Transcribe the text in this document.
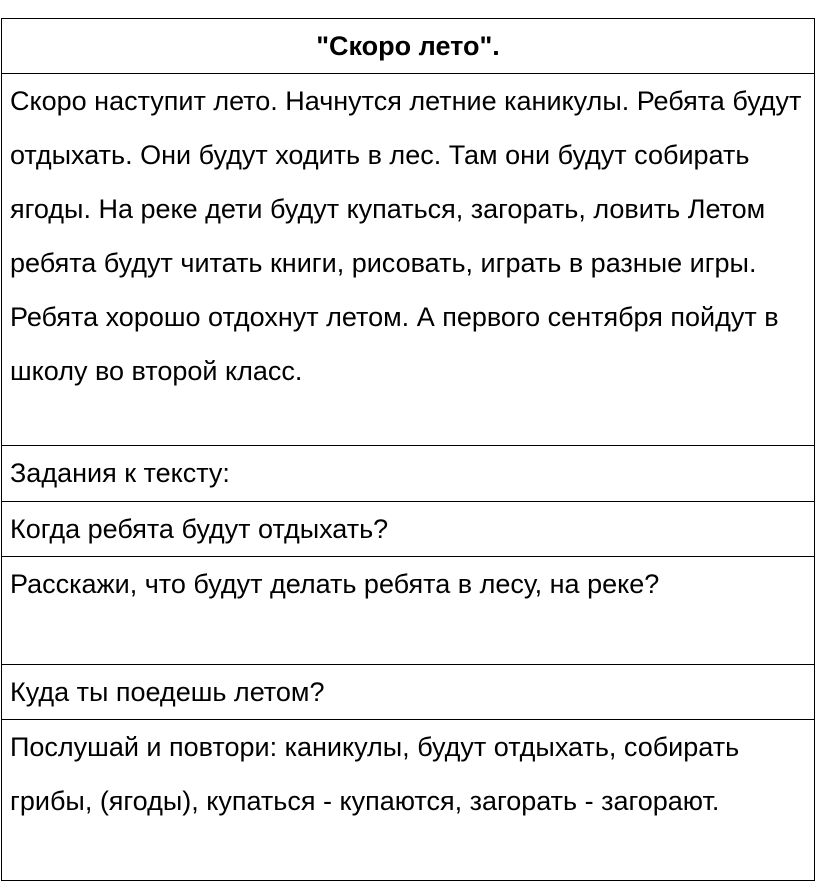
"Скоро лето".

Скоро наступит лето. Начнутся летние каникулы. Ребята будут отдыхать. Они будут ходить в лес. Там они будут собирать ягоды. На реке дети будут купаться, загорать, ловить Летом ребята будут читать книги, рисовать, играть в разные игры. Ребята хорошо отдохнут летом. А первого сентября пойдут в школу во второй класс.

Задания к тексту:

Когда ребята будут отдыхать?

Расскажи, что будут делать ребята в лесу, на реке?

Куда ты поедешь летом?

Послушай и повтори: каникулы, будут отдыхать, собирать грибы, (ягоды), купаться - купаются, загорать - загорают.
